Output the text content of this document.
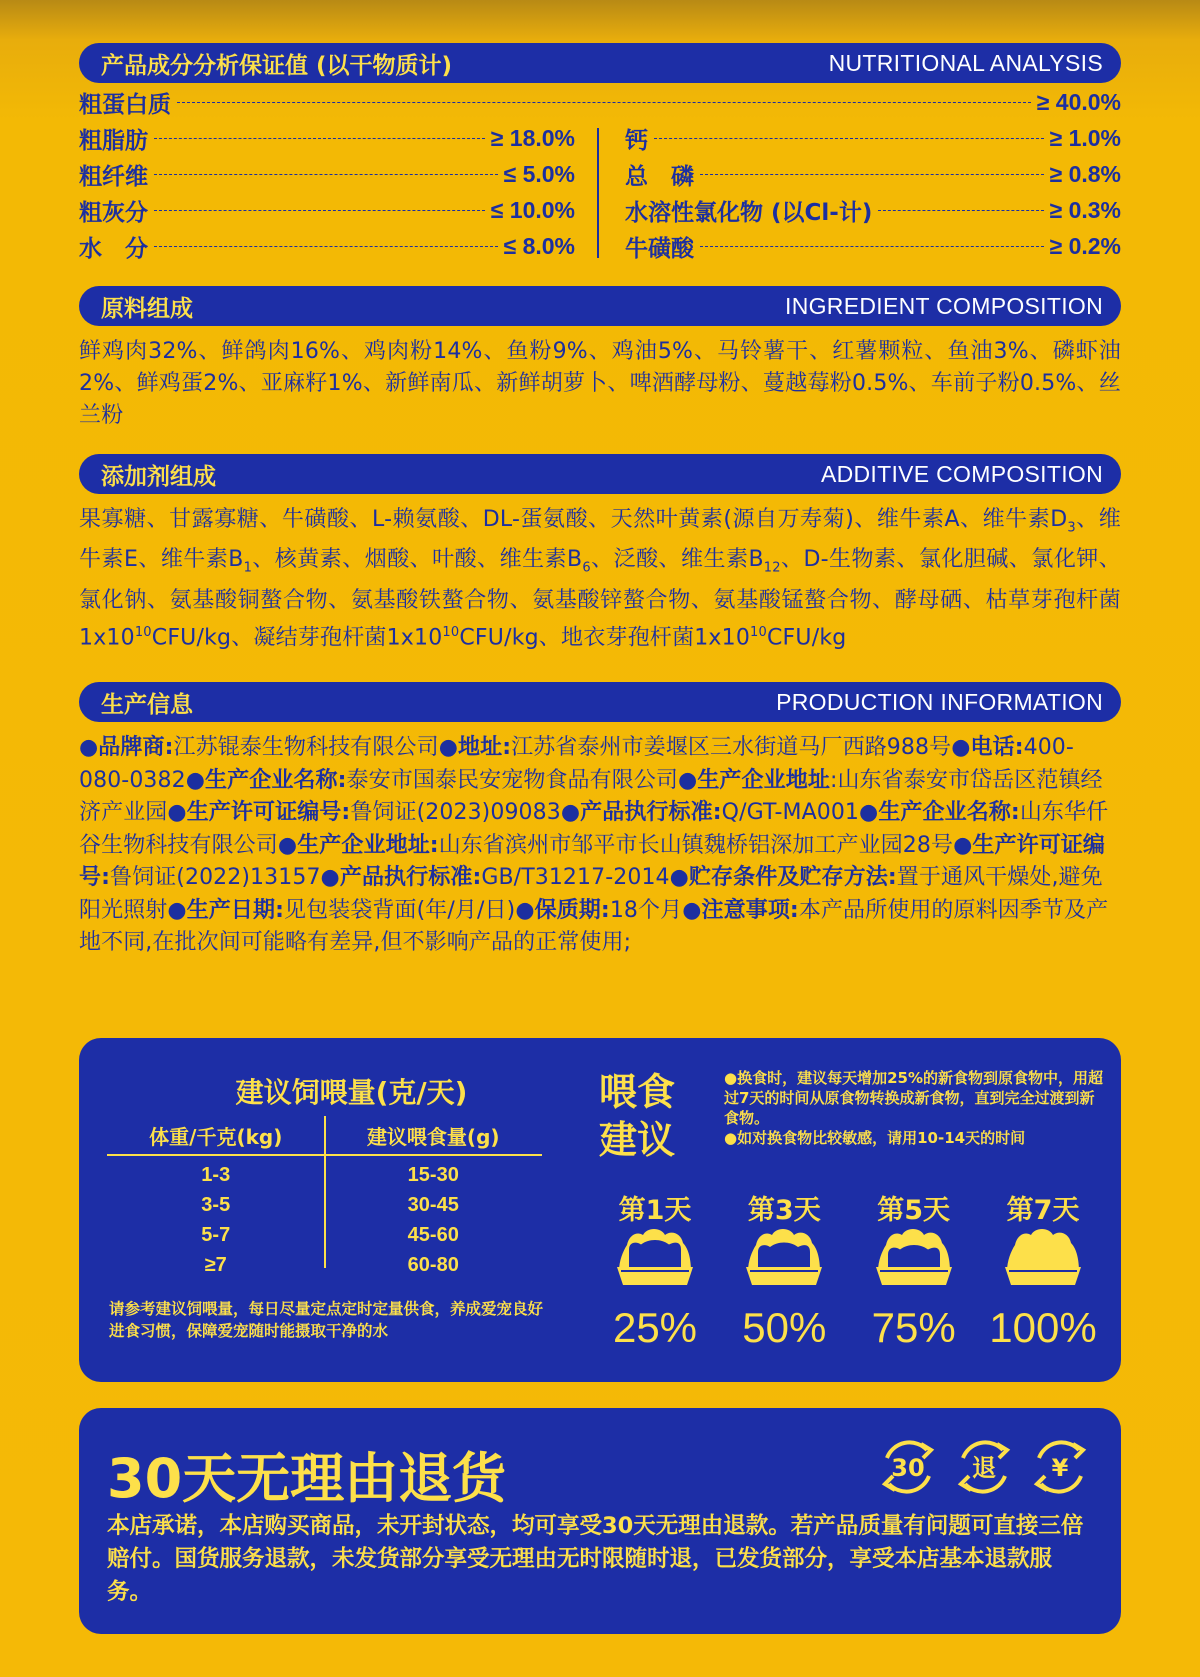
产品成分分析保证值 (以干物质计)	NUTRITIONAL ANALYSIS
粗蛋白质	≥ 40.0%
粗脂肪	≥ 18.0%
粗纤维	≤ 5.0%
粗灰分	≤ 10.0%
水　分	≤ 8.0%
钙	≥ 1.0%
总　磷	≥ 0.8%
水溶性氯化物 (以Cl-计)	≥ 0.3%
牛磺酸	≥ 0.2%
原料组成	INGREDIENT COMPOSITION

鲜鸡肉32%、鲜鸽肉16%、鸡肉粉14%、鱼粉9%、鸡油5%、马铃薯干、红薯颗粒、鱼油3%、磷虾油2%、鲜鸡蛋2%、亚麻籽1%、新鲜南瓜、新鲜胡萝卜、啤酒酵母粉、蔓越莓粉0.5%、车前子粉0.5%、丝兰粉

添加剂组成	ADDITIVE COMPOSITION

果寡糖、甘露寡糖、牛磺酸、L-赖氨酸、DL-蛋氨酸、天然叶黄素(源自万寿菊)、维牛素A、维牛素$D_3$、维牛素E、维牛素$B_1$、核黄素、烟酸、叶酸、维生素$B_6$、泛酸、维生素$B_{12}$、D-生物素、氯化胆碱、氯化钾、氯化钠、氨基酸铜螯合物、氨基酸铁螯合物、氨基酸锌螯合物、氨基酸锰螯合物、酵母硒、枯草芽孢杆菌$1x10^{10}CFU/kg$、凝结芽孢杆菌$1x10^{10}CFU/kg$、地衣芽孢杆菌$1x10^{10}CFU/kg$

生产信息	PRODUCTION INFORMATION

●品牌商:江苏锟泰生物科技有限公司●地址:江苏省泰州市姜堰区三水街道马厂西路988号●电话:400-080-0382●生产企业名称:泰安市国泰民安宠物食品有限公司●生产企业地址:山东省泰安市岱岳区范镇经济产业园●生产许可证编号:鲁饲证(2023)09083●产品执行标准:Q/GT-MA001●生产企业名称:山东华仟谷生物科技有限公司●生产企业地址:山东省滨州市邹平市长山镇魏桥铝深加工产业园28号●生产许可证编号:鲁饲证(2022)13157●产品执行标准:GB/T31217-2014●贮存条件及贮存方法:置于通风干燥处,避免阳光照射●生产日期:见包装袋背面(年/月/日)●保质期:18个月●注意事项:本产品所使用的原料因季节及产地不同,在批次间可能略有差异,但不影响产品的正常使用;

建议饲喂量(克/天)
体重/千克(kg)	建议喂食量(g)
1-3	15-30
3-5	30-45
5-7	45-60
≥7	60-80
请参考建议饲喂量，每日尽量定点定时定量供食，养成爱宠良好进食习惯，保障爱宠随时能摄取干净的水
喂食
建议
●换食时，建议每天增加25%的新食物到原食物中，用超过7天的时间从原食物转换成新食物，直到完全过渡到新食物。
●如对换食物比较敏感，请用10-14天的时间
第1天
25%
第3天
50%
第5天
75%
第7天
100%
30天无理由退货	30 退 ¥
本店承诺，本店购买商品，未开封状态，均可享受30天无理由退款。若产品质量有问题可直接三倍赔付。国货服务退款，未发货部分享受无理由无时限随时退，已发货部分，享受本店基本退款服务。
